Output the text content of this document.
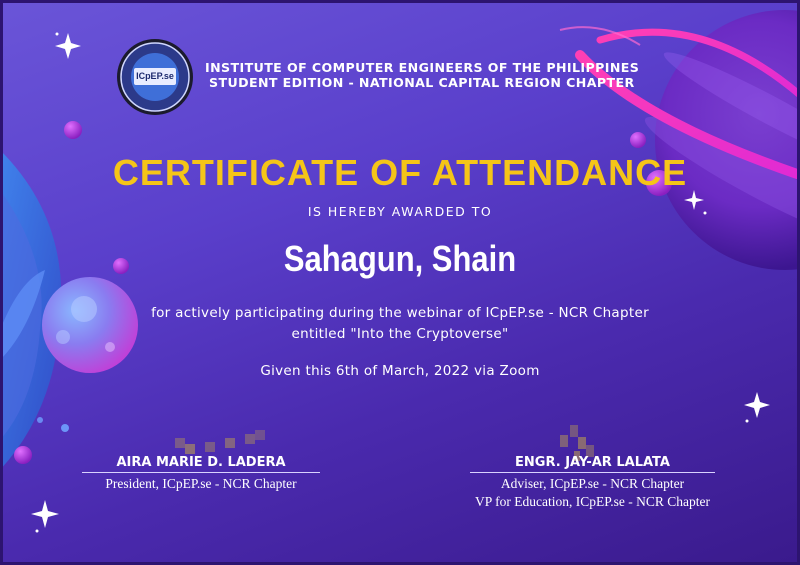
ICpEP.se
INSTITUTE OF COMPUTER ENGINEERS OF THE PHILIPPINES
STUDENT EDITION - NATIONAL CAPITAL REGION CHAPTER
CERTIFICATE OF ATTENDANCE
IS HEREBY AWARDED TO
Sahagun, Shain
for actively participating during the webinar of ICpEP.se - NCR Chapter
entitled "Into the Cryptoverse"
Given this 6th of March, 2022 via Zoom
AIRA MARIE D. LADERA
President, ICpEP.se - NCR Chapter
ENGR. JAY-AR LALATA
Adviser, ICpEP.se - NCR Chapter
VP for Education, ICpEP.se - NCR Chapter
